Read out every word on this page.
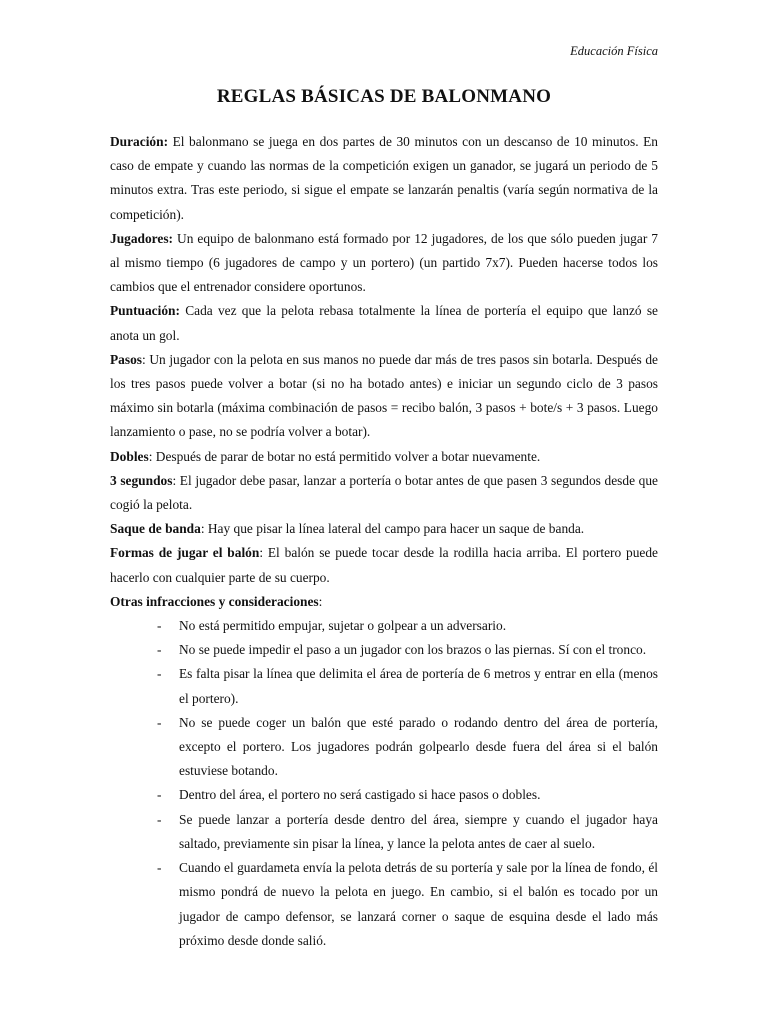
Educación Física
REGLAS BÁSICAS DE BALONMANO

Duración: El balonmano se juega en dos partes de 30 minutos con un descanso de 10 minutos. En caso de empate y cuando las normas de la competición exigen un ganador, se jugará un periodo de 5 minutos extra. Tras este periodo, si sigue el empate se lanzarán penaltis (varía según normativa de la competición).

Jugadores: Un equipo de balonmano está formado por 12 jugadores, de los que sólo pueden jugar 7 al mismo tiempo (6 jugadores de campo y un portero) (un partido 7x7). Pueden hacerse todos los cambios que el entrenador considere oportunos.

Puntuación: Cada vez que la pelota rebasa totalmente la línea de portería el equipo que lanzó se anota un gol.

Pasos: Un jugador con la pelota en sus manos no puede dar más de tres pasos sin botarla. Después de los tres pasos puede volver a botar (si no ha botado antes) e iniciar un segundo ciclo de 3 pasos máximo sin botarla (máxima combinación de pasos = recibo balón, 3 pasos + bote/s + 3 pasos. Luego lanzamiento o pase, no se podría volver a botar).

Dobles: Después de parar de botar no está permitido volver a botar nuevamente.

3 segundos: El jugador debe pasar, lanzar a portería o botar antes de que pasen 3 segundos desde que cogió la pelota.

Saque de banda: Hay que pisar la línea lateral del campo para hacer un saque de banda.

Formas de jugar el balón: El balón se puede tocar desde la rodilla hacia arriba. El portero puede hacerlo con cualquier parte de su cuerpo.

Otras infracciones y consideraciones:

- No está permitido empujar, sujetar o golpear a un adversario.
- No se puede impedir el paso a un jugador con los brazos o las piernas. Sí con el tronco.
- Es falta pisar la línea que delimita el área de portería de 6 metros y entrar en ella (menos el portero).
- No se puede coger un balón que esté parado o rodando dentro del área de portería, excepto el portero. Los jugadores podrán golpearlo desde fuera del área si el balón estuviese botando.
- Dentro del área, el portero no será castigado si hace pasos o dobles.
- Se puede lanzar a portería desde dentro del área, siempre y cuando el jugador haya saltado, previamente sin pisar la línea, y lance la pelota antes de caer al suelo.
- Cuando el guardameta envía la pelota detrás de su portería y sale por la línea de fondo, él mismo pondrá de nuevo la pelota en juego. En cambio, si el balón es tocado por un jugador de campo defensor, se lanzará corner o saque de esquina desde el lado más próximo desde donde salió.
